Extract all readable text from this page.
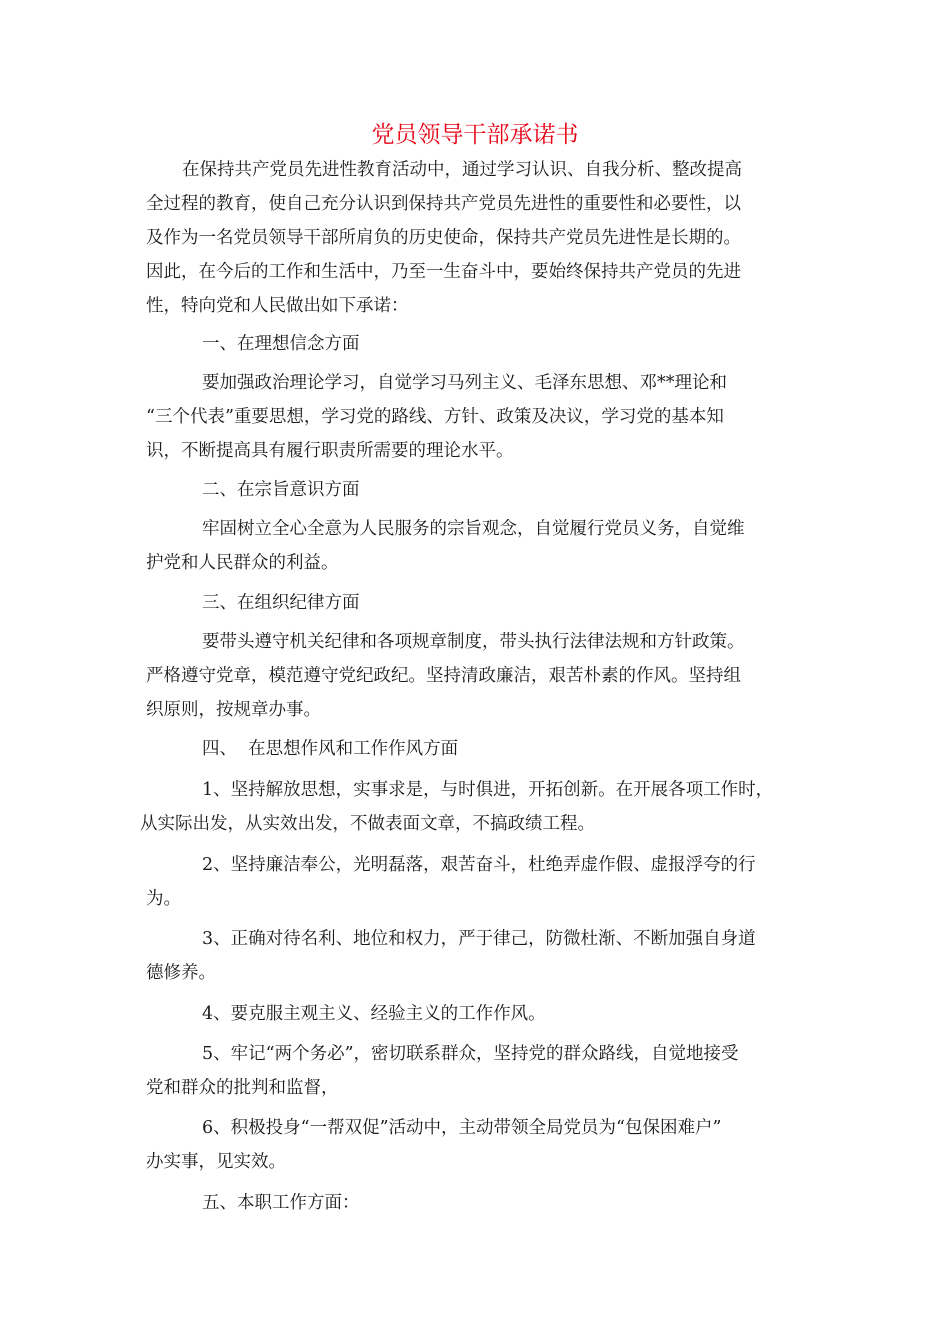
党员领导干部承诺书
在保持共产党员先进性教育活动中，通过学习认识、自我分析、整改提高
全过程的教育，使自己充分认识到保持共产党员先进性的重要性和必要性，以
及作为一名党员领导干部所肩负的历史使命，保持共产党员先进性是长期的。
因此，在今后的工作和生活中，乃至一生奋斗中，要始终保持共产党员的先进
性，特向党和人民做出如下承诺：
一、在理想信念方面
要加强政治理论学习，自觉学习马列主义、毛泽东思想、邓**理论和
“三个代表”重要思想，学习党的路线、方针、政策及决议，学习党的基本知
识，不断提高具有履行职责所需要的理论水平。
二、在宗旨意识方面
牢固树立全心全意为人民服务的宗旨观念，自觉履行党员义务，自觉维
护党和人民群众的利益。
三、在组织纪律方面
要带头遵守机关纪律和各项规章制度，带头执行法律法规和方针政策。
严格遵守党章，模范遵守党纪政纪。坚持清政廉洁，艰苦朴素的作风。坚持组
织原则，按规章办事。
四、  在思想作风和工作作风方面
1、坚持解放思想，实事求是，与时俱进，开拓创新。在开展各项工作时，
从实际出发，从实效出发，不做表面文章，不搞政绩工程。
2、坚持廉洁奉公，光明磊落，艰苦奋斗，杜绝弄虚作假、虚报浮夸的行
为。
3、正确对待名利、地位和权力，严于律己，防微杜渐、不断加强自身道
德修养。
4、要克服主观主义、经验主义的工作作风。
5、牢记“两个务必”，密切联系群众，坚持党的群众路线，自觉地接受
党和群众的批判和监督，
6、积极投身“一帮双促”活动中，主动带领全局党员为“包保困难户”
办实事，见实效。
五、本职工作方面：
